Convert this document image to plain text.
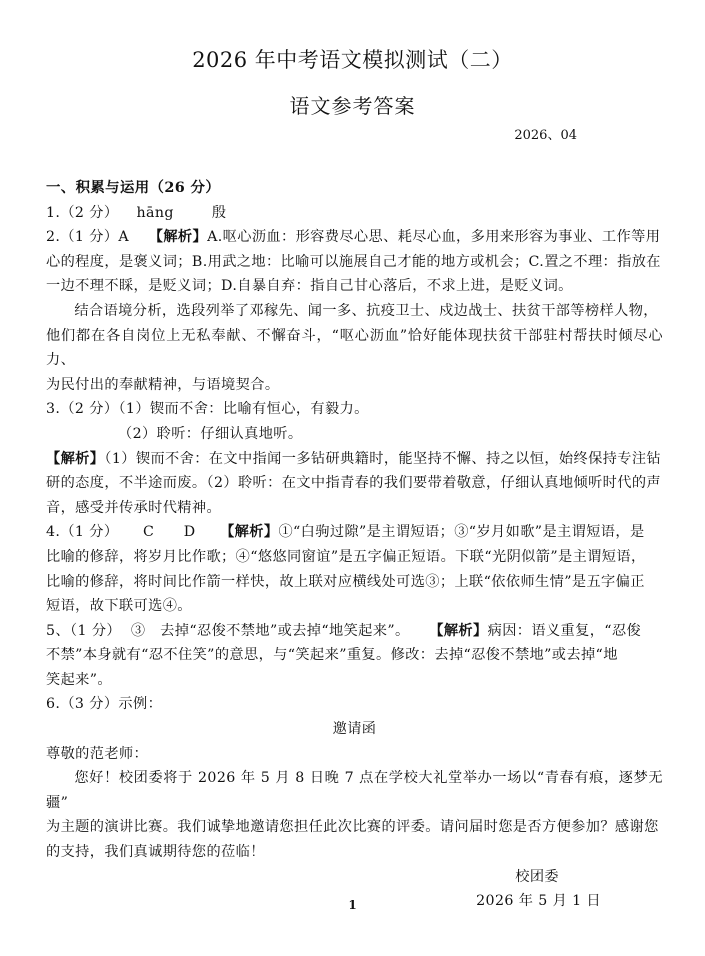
2026 年中考语文模拟测试（二）
语文参考答案
2026、04

一、积累与运用（26 分）

1.（2 分） hāng	殷

2.（1 分）A 【解析】A.呕心沥血：形容费尽心思、耗尽心血，多用来形容为事业、工作等用

心的程度，是褒义词；B.用武之地：比喻可以施展自己才能的地方或机会；C.置之不理：指放在

一边不理不睬，是贬义词；D.自暴自弃：指自己甘心落后，不求上进，是贬义词。

结合语境分析，选段列举了邓稼先、闻一多、抗疫卫士、戍边战士、扶贫干部等榜样人物，

他们都在各自岗位上无私奉献、不懈奋斗，“呕心沥血”恰好能体现扶贫干部驻村帮扶时倾尽心力、

为民付出的奉献精神，与语境契合。

3.（2 分）（1）锲而不舍：比喻有恒心，有毅力。

（2）聆听：仔细认真地听。

【解析】（1）锲而不舍：在文中指闻一多钻研典籍时，能坚持不懈、持之以恒，始终保持专注钻

研的态度，不半途而废。（2）聆听：在文中指青春的我们要带着敬意，仔细认真地倾听时代的声

音，感受并传承时代精神。

4.（1 分） C D 【解析】①“白驹过隙”是主谓短语；③“岁月如歌”是主谓短语，是

比喻的修辞，将岁月比作歌；④“悠悠同窗谊”是五字偏正短语。下联“光阴似箭”是主谓短语，

比喻的修辞，将时间比作箭一样快，故上联对应横线处可选③；上联“依依师生情”是五字偏正

短语，故下联可选④。

5、（1 分） ③ 去掉“忍俊不禁地”或去掉“地笑起来”。 【解析】病因：语义重复，“忍俊

不禁”本身就有“忍不住笑”的意思，与“笑起来”重复。修改：去掉“忍俊不禁地”或去掉“地

笑起来”。

6.（3 分）示例：

邀请函

尊敬的范老师：

您好！校团委将于 2026 年 5 月 8 日晚 7 点在学校大礼堂举办一场以“青春有痕，逐梦无疆”

为主题的演讲比赛。我们诚挚地邀请您担任此次比赛的评委。请问届时您是否方便参加？感谢您

的支持，我们真诚期待您的莅临！

校团委

2026 年 5 月 1 日

1
